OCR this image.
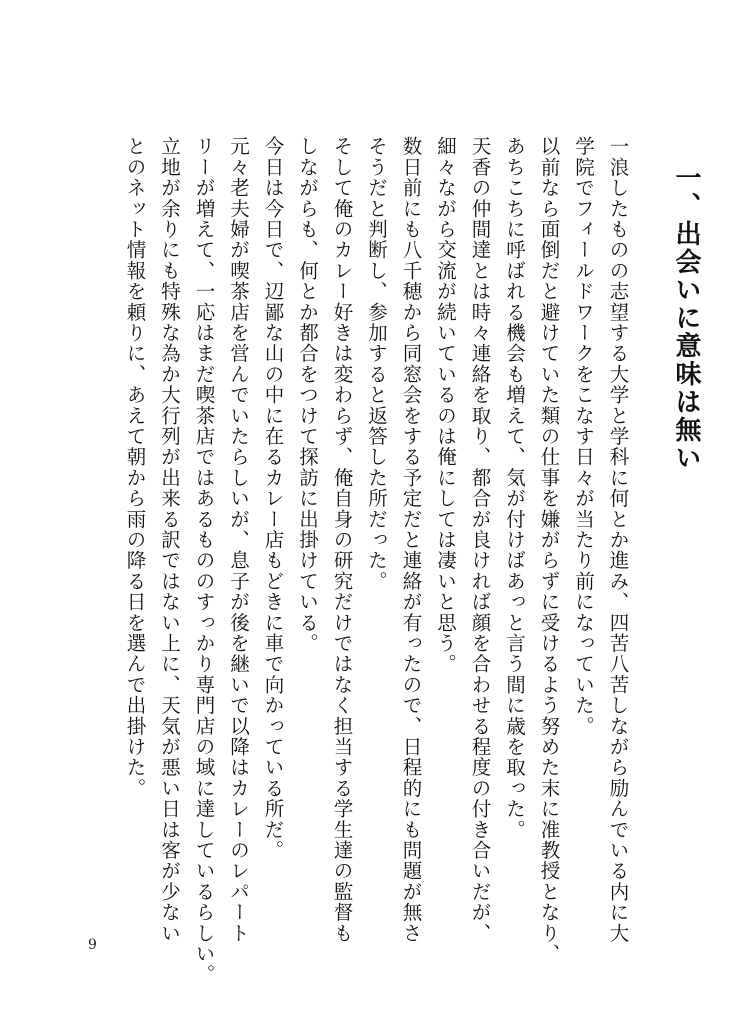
一、出会いに意味は無い
一浪したものの志望する大学と学科に何とか進み、四苦八苦しながら励んでいる内に大
学院でフィールドワークをこなす日々が当たり前になっていた。
以前なら面倒だと避けていた類の仕事を嫌がらずに受けるよう努めた末に准教授となり、
あちこちに呼ばれる機会も増えて、気が付けばあっと言う間に歳を取った。
天香の仲間達とは時々連絡を取り、都合が良ければ顔を合わせる程度の付き合いだが、
細々ながら交流が続いているのは俺にしては凄いと思う。
数日前にも八千穂から同窓会をする予定だと連絡が有ったので、日程的にも問題が無さ
そうだと判断し、参加すると返答した所だった。
そして俺のカレー好きは変わらず、俺自身の研究だけではなく担当する学生達の監督も
しながらも、何とか都合をつけて探訪に出掛けている。
今日は今日で、辺鄙な山の中に在るカレー店もどきに車で向かっている所だ。
元々老夫婦が喫茶店を営んでいたらしいが、息子が後を継いで以降はカレーのレパート
リーが増えて、一応はまだ喫茶店ではあるもののすっかり専門店の域に達しているらしい。
立地が余りにも特殊な為か大行列が出来る訳ではない上に、天気が悪い日は客が少ない
とのネット情報を頼りに、あえて朝から雨の降る日を選んで出掛けた。
9
